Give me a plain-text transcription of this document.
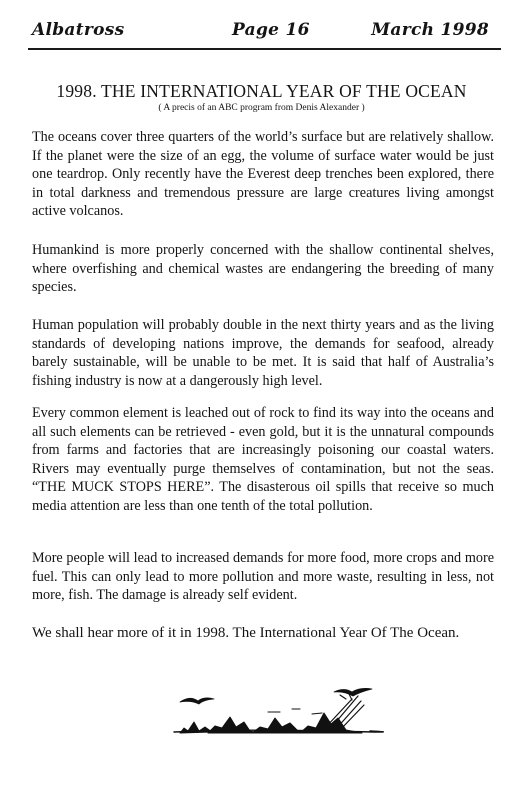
Albatross	Page 16	March 1998
1998. THE INTERNATIONAL YEAR OF THE OCEAN
( A precis of an ABC program from Denis Alexander )

The oceans cover three quarters of the world’s surface but are relatively shallow. If the planet were the size of an egg, the volume of surface water would be just one teardrop. Only recently have the Everest deep trenches been explored, there in total darkness and tremendous pressure are large creatures living amongst active volcanos.

Humankind is more properly concerned with the shallow continental shelves, where overfishing and chemical wastes are endangering the breeding of many species.

Human population will probably double in the next thirty years and as the living standards of developing nations improve, the demands for seafood, already barely sustainable, will be unable to be met. It is said that half of Australia’s fishing industry is now at a dangerously high level.

Every common element is leached out of rock to find its way into the oceans and all such elements can be retrieved - even gold, but it is the unnatural compounds from farms and factories that are increasingly poisoning our coastal waters. Rivers may eventually purge themselves of contamination, but not the seas. “THE MUCK STOPS HERE”. The disasterous oil spills that receive so much media attention are less than one tenth of the total pollution.

More people will lead to increased demands for more food, more crops and more fuel. This can only lead to more pollution and more waste, resulting in less, not more, fish. The damage is already self evident.

We shall hear more of it in 1998. The International Year Of The Ocean.
